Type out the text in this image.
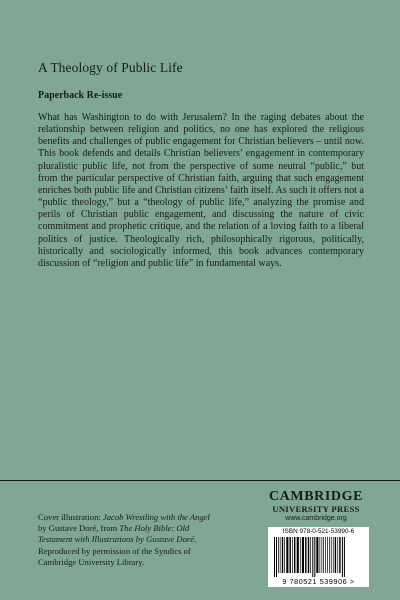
A Theology of Public Life
Paperback Re-issue

What has Washington to do with Jerusalem? In the raging debates about the relationship between religion and politics, no one has explored the religious benefits and challenges of public engagement for Christian believers – until now. This book defends and details Christian believers’ engagement in contemporary pluralistic public life, not from the perspective of some neutral “public,” but from the particular perspective of Christian faith, arguing that such engagement enriches both public life and Christian citizens’ faith itself. As such it offers not a “public theology,” but a “theology of public life,” analyzing the promise and perils of Christian public engagement, and discussing the nature of civic commitment and prophetic critique, and the relation of a loving faith to a liberal politics of justice. Theologically rich, philosophically rigorous, politically, historically and sociologically informed, this book advances contemporary discussion of “religion and public life” in fundamental ways.

Cover illustration: Jacob Wrestling with the Angel by Gustave Doré, from The Holy Bible: Old Testament with Illustrations by Gustave Doré. Reproduced by permission of the Syndics of Cambridge University Library.

CAMBRIDGE
UNIVERSITY PRESS
www.cambridge.org
ISBN 978-0-521-53990-6
9 780521 539906 >
